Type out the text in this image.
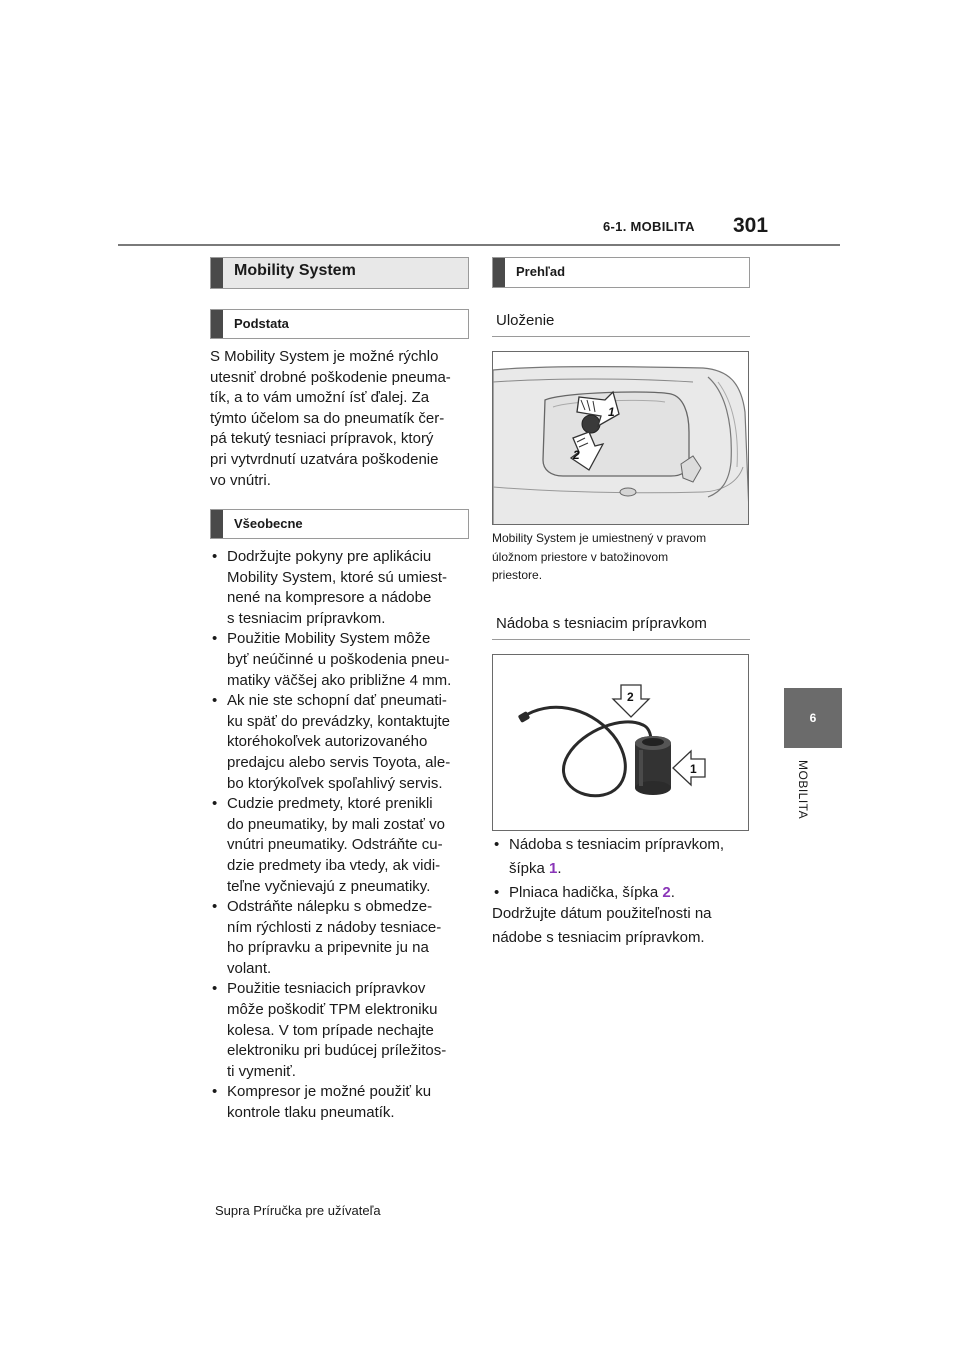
6-1. MOBILITA 301
6
MOBILITA
Mobility System
Podstata
S Mobility System je možné rýchlo
utesniť drobné poškodenie pneuma-
tík, a to vám umožní ísť ďalej. Za
týmto účelom sa do pneumatík čer-
pá tekutý tesniaci prípravok, ktorý
pri vytvrdnutí uzatvára poškodenie
vo vnútri.
Všeobecne
• Dodržujte pokyny pre aplikáciu
Mobility System, ktoré sú umiest-
nené na kompresore a nádobe
s tesniacim prípravkom.
• Použitie Mobility System môže
byť neúčinné u poškodenia pneu-
matiky väčšej ako približne 4 mm.
• Ak nie ste schopní dať pneumati-
ku späť do prevádzky, kontaktujte
ktoréhokoľvek autorizovaného
predajcu alebo servis Toyota, ale-
bo ktorýkoľvek spoľahlivý servis.
• Cudzie predmety, ktoré prenikli
do pneumatiky, by mali zostať vo
vnútri pneumatiky. Odstráňte cu-
dzie predmety iba vtedy, ak vidi-
teľne vyčnievajú z pneumatiky.
• Odstráňte nálepku s obmedze-
ním rýchlosti z nádoby tesniace-
ho prípravku a pripevnite ju na
volant.
• Použitie tesniacich prípravkov
môže poškodiť TPM elektroniku
kolesa. V tom prípade nechajte
elektroniku pri budúcej príležitos-
ti vymeniť.
• Kompresor je možné použiť ku
kontrole tlaku pneumatík.
Prehľad
Uloženie
1
2
Mobility System je umiestnený v pravom
úložnom priestore v batožinovom
priestore.
Nádoba s tesniacim prípravkom
2
1
• Nádoba s tesniacim prípravkom,
šípka 1.
• Plniaca hadička, šípka 2.
Dodržujte dátum použiteľnosti na
nádobe s tesniacim prípravkom.
Supra Príručka pre užívateľa
